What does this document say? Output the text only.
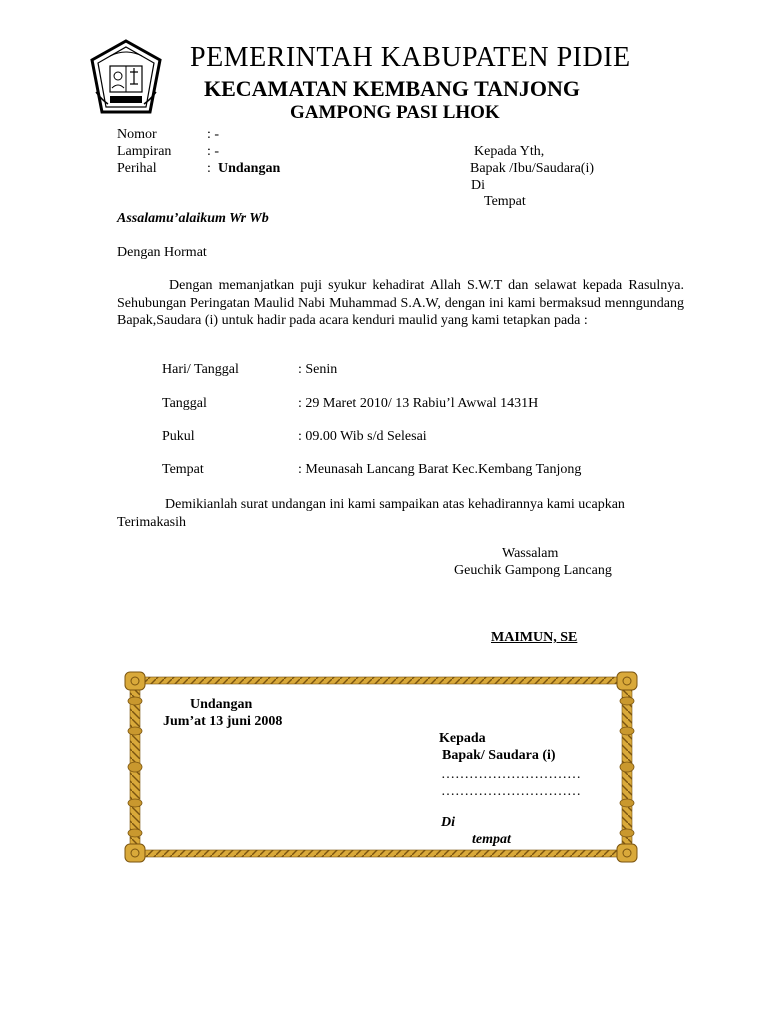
PEMERINTAH KABUPATEN PIDIE
KECAMATAN KEMBANG TANJONG
GAMPONG PASI LHOK
Nomor	: -
Lampiran	: -
Perihal	: Undangan
Kepada Yth,
Bapak /Ibu/Saudara(i)
Di
Tempat
Assalamu’alaikum Wr Wb
Dengan Hormat
Dengan memanjatkan puji syukur kehadirat Allah S.W.T dan selawat kepada Rasulnya. Sehubungan Peringatan Maulid Nabi Muhammad S.A.W, dengan ini kami bermaksud menngundang Bapak,Saudara (i) untuk hadir pada acara kenduri maulid yang kami tetapkan pada :
Hari/ Tanggal	: Senin
Tanggal	: 29 Maret 2010/ 13 Rabiu’l Awwal 1431H
Pukul	: 09.00 Wib s/d Selesai
Tempat	: Meunasah Lancang Barat Kec.Kembang Tanjong
Demikianlah surat undangan ini kami sampaikan atas kehadirannya kami ucapkan Terimakasih
Wassalam
Geuchik Gampong Lancang
MAIMUN, SE
Undangan
Jum’at 13 juni 2008
Kepada
Bapak/ Saudara (i)
…………………………
…………………………
Di
tempat
